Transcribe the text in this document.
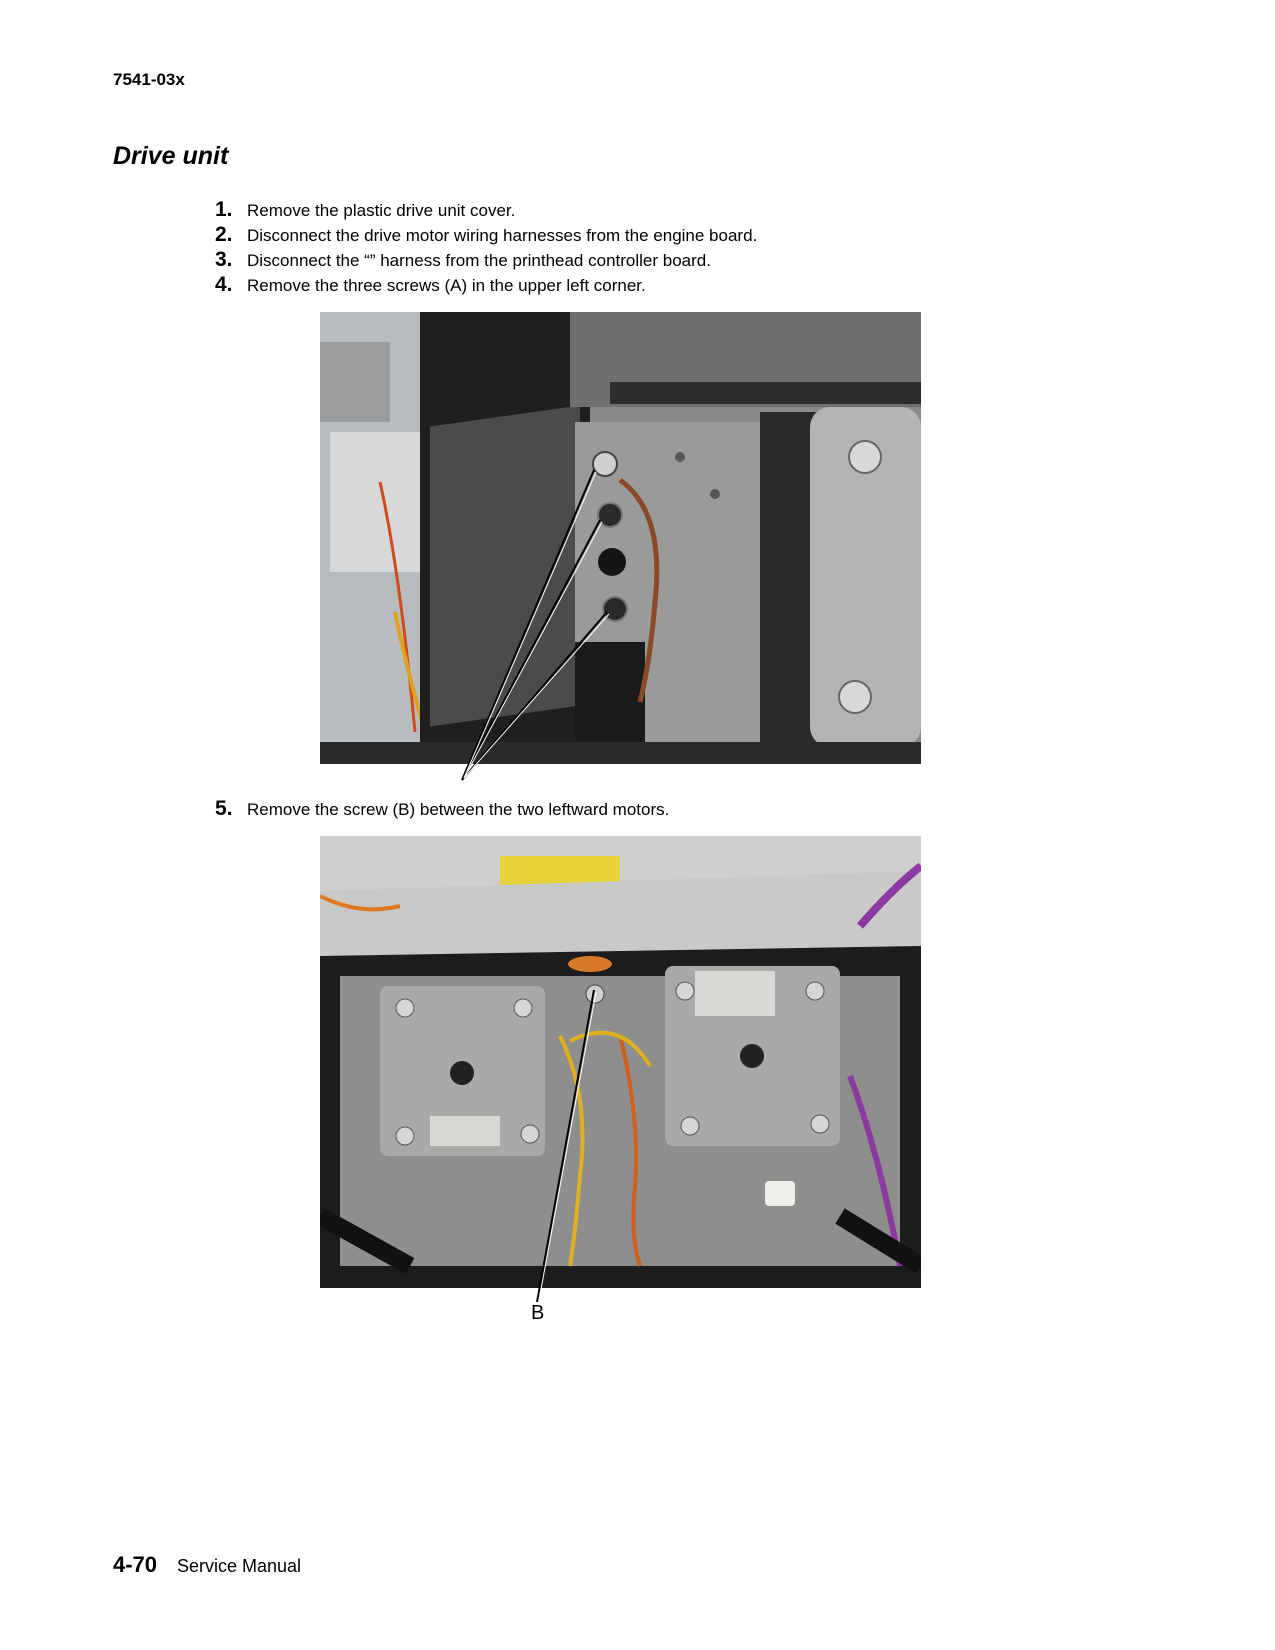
7541-03x
Drive unit
1. Remove the plastic drive unit cover.
2. Disconnect the drive motor wiring harnesses from the engine board.
3. Disconnect the “” harness from the printhead controller board.
4. Remove the three screws (A) in the upper left corner.
5. Remove the screw (B) between the two leftward motors.
B
4-70 Service Manual
